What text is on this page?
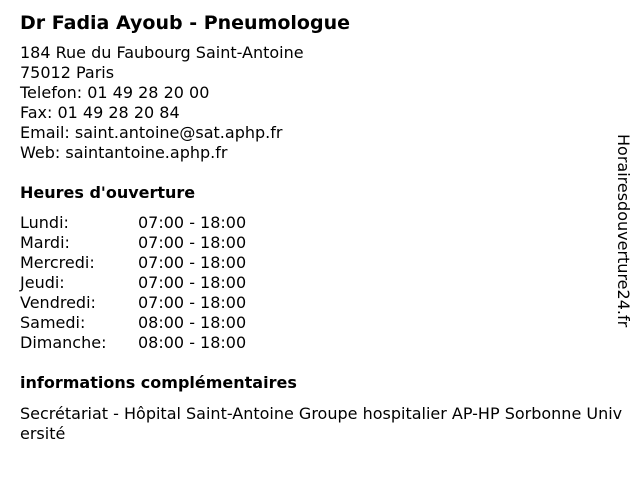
Dr Fadia Ayoub - Pneumologue
184 Rue du Faubourg Saint-Antoine
75012 Paris
Telefon: 01 49 28 20 00
Fax: 01 49 28 20 84
Email: saint.antoine@sat.aphp.fr
Web: saintantoine.aphp.fr
Heures d'ouverture
Lundi:	07:00 - 18:00
Mardi:	07:00 - 18:00
Mercredi:	07:00 - 18:00
Jeudi:	07:00 - 18:00
Vendredi:	07:00 - 18:00
Samedi:	08:00 - 18:00
Dimanche:	08:00 - 18:00
informations complémentaires

Secrétariat - Hôpital Saint-Antoine Groupe hospitalier AP-HP Sorbonne Université

Horairesdouverture24.fr
